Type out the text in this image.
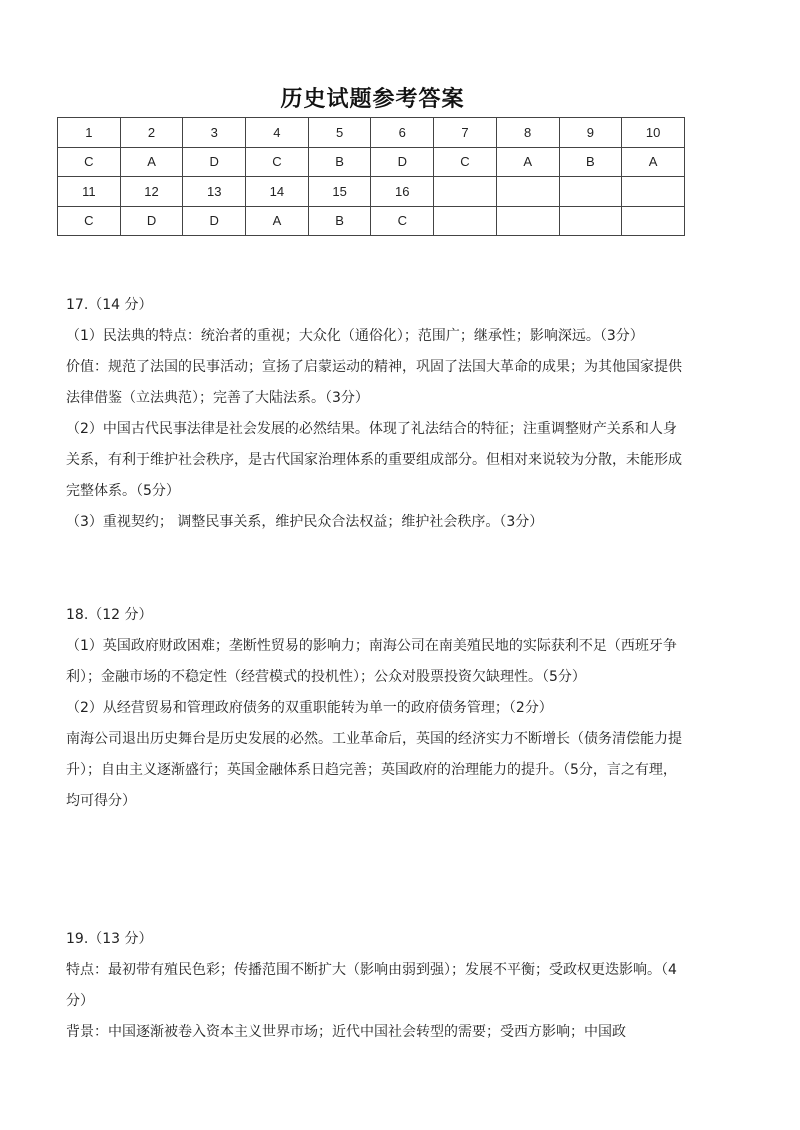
历史试题参考答案
1	2	3	4	5	6	7	8	9	10
C	A	D	C	B	D	C	A	B	A
11	12	13	14	15	16				
C	D	D	A	B	C				
17.（14 分）

（1）民法典的特点：统治者的重视；大众化（通俗化）；范围广；继承性；影响深远。（3分）

价值：规范了法国的民事活动；宣扬了启蒙运动的精神，巩固了法国大革命的成果；为其他国家提供法律借鉴（立法典范）；完善了大陆法系。（3分）

（2）中国古代民事法律是社会发展的必然结果。体现了礼法结合的特征；注重调整财产关系和人身关系，有利于维护社会秩序，是古代国家治理体系的重要组成部分。但相对来说较为分散，未能形成完整体系。（5分）

（3）重视契约； 调整民事关系，维护民众合法权益；维护社会秩序。（3分）

18.（12 分）

（1）英国政府财政困难；垄断性贸易的影响力；南海公司在南美殖民地的实际获利不足（西班牙争利）；金融市场的不稳定性（经营模式的投机性）；公众对股票投资欠缺理性。（5分）

（2）从经营贸易和管理政府债务的双重职能转为单一的政府债务管理；（2分）

南海公司退出历史舞台是历史发展的必然。工业革命后，英国的经济实力不断增长（债务清偿能力提升）；自由主义逐渐盛行；英国金融体系日趋完善；英国政府的治理能力的提升。（5分，言之有理，均可得分）

19.（13 分）

特点：最初带有殖民色彩；传播范围不断扩大（影响由弱到强）；发展不平衡；受政权更迭影响。（4分）

背景：中国逐渐被卷入资本主义世界市场；近代中国社会转型的需要；受西方影响；中国政
